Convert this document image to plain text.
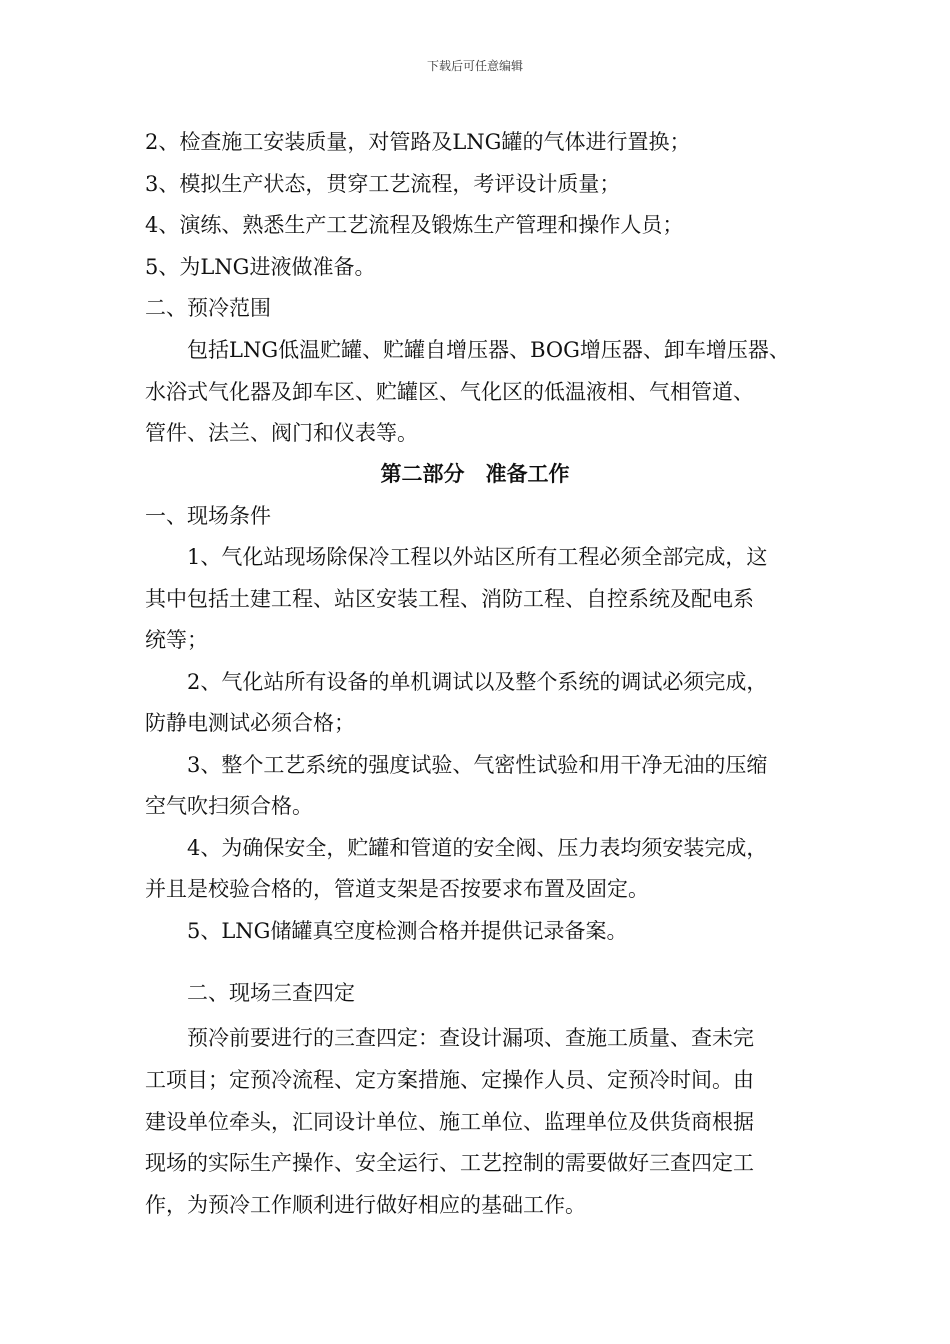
下载后可任意编辑
2、检查施工安装质量，对管路及LNG罐的气体进行置换；
3、模拟生产状态，贯穿工艺流程，考评设计质量；
4、演练、熟悉生产工艺流程及锻炼生产管理和操作人员；
5、为LNG进液做准备。
二、预冷范围
包括LNG低温贮罐、贮罐自增压器、BOG增压器、卸车增压器、
水浴式气化器及卸车区、贮罐区、气化区的低温液相、气相管道、
管件、法兰、阀门和仪表等。
第二部分　准备工作
一、现场条件
1、气化站现场除保冷工程以外站区所有工程必须全部完成，这
其中包括土建工程、站区安装工程、消防工程、自控系统及配电系
统等；
2、气化站所有设备的单机调试以及整个系统的调试必须完成，
防静电测试必须合格；
3、整个工艺系统的强度试验、气密性试验和用干净无油的压缩
空气吹扫须合格。
4、为确保安全，贮罐和管道的安全阀、压力表均须安装完成，
并且是校验合格的，管道支架是否按要求布置及固定。
5、LNG储罐真空度检测合格并提供记录备案。
二、现场三查四定
预冷前要进行的三查四定：查设计漏项、查施工质量、查未完
工项目；定预冷流程、定方案措施、定操作人员、定预冷时间。由
建设单位牵头，汇同设计单位、施工单位、监理单位及供货商根据
现场的实际生产操作、安全运行、工艺控制的需要做好三查四定工
作，为预冷工作顺利进行做好相应的基础工作。
